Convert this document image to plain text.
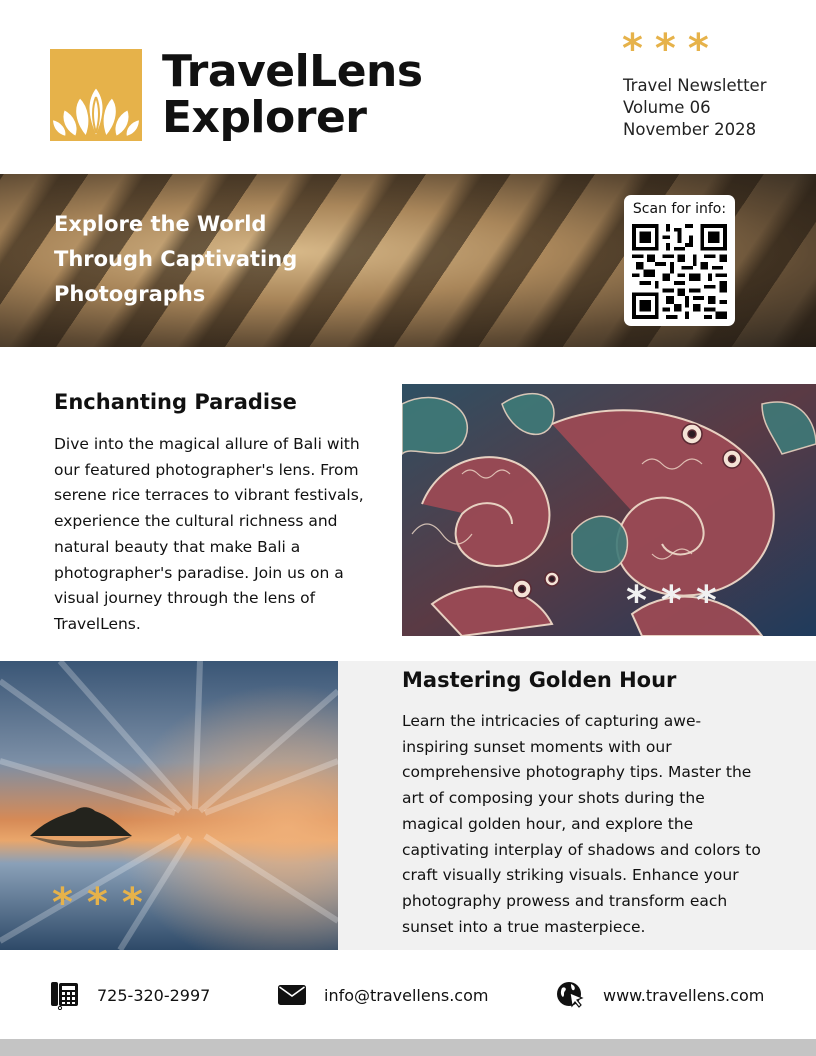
TravelLens
Explorer
***
Travel Newsletter
Volume 06
November 2028
Explore the World
Through Captivating
Photographs
Scan for info:
Enchanting Paradise
Dive into the magical allure of Bali with our featured photographer's lens. From serene rice terraces to vibrant festivals, experience the cultural richness and natural beauty that make Bali a photographer's paradise. Join us on a visual journey through the lens of TravelLens.	***
***
Mastering Golden Hour
Learn the intricacies of capturing awe-inspiring sunset moments with our comprehensive photography tips. Master the art of composing your shots during the magical golden hour, and explore the captivating interplay of shadows and colors to craft visually striking visuals. Enhance your photography prowess and transform each sunset into a true masterpiece.
725-320-2997	info@travellens.com	www.travellens.com
